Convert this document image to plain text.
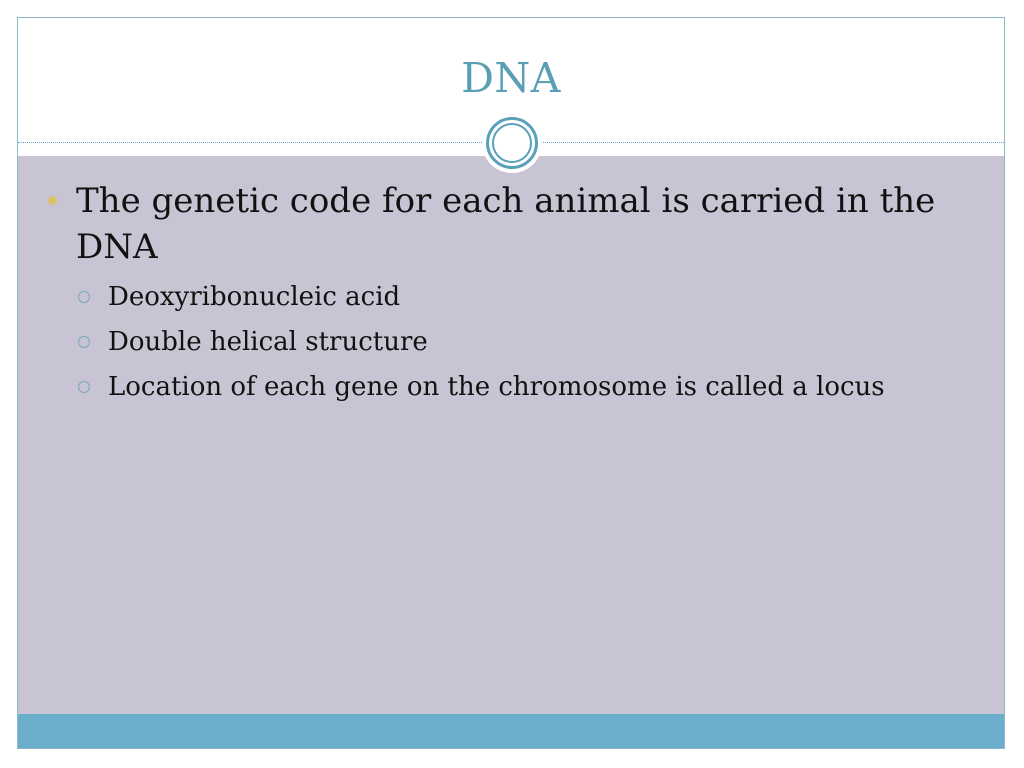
DNA
The genetic code for each animal is carried in the DNA
Deoxyribonucleic acid
Double helical structure
Location of each gene on the chromosome is called a locus
